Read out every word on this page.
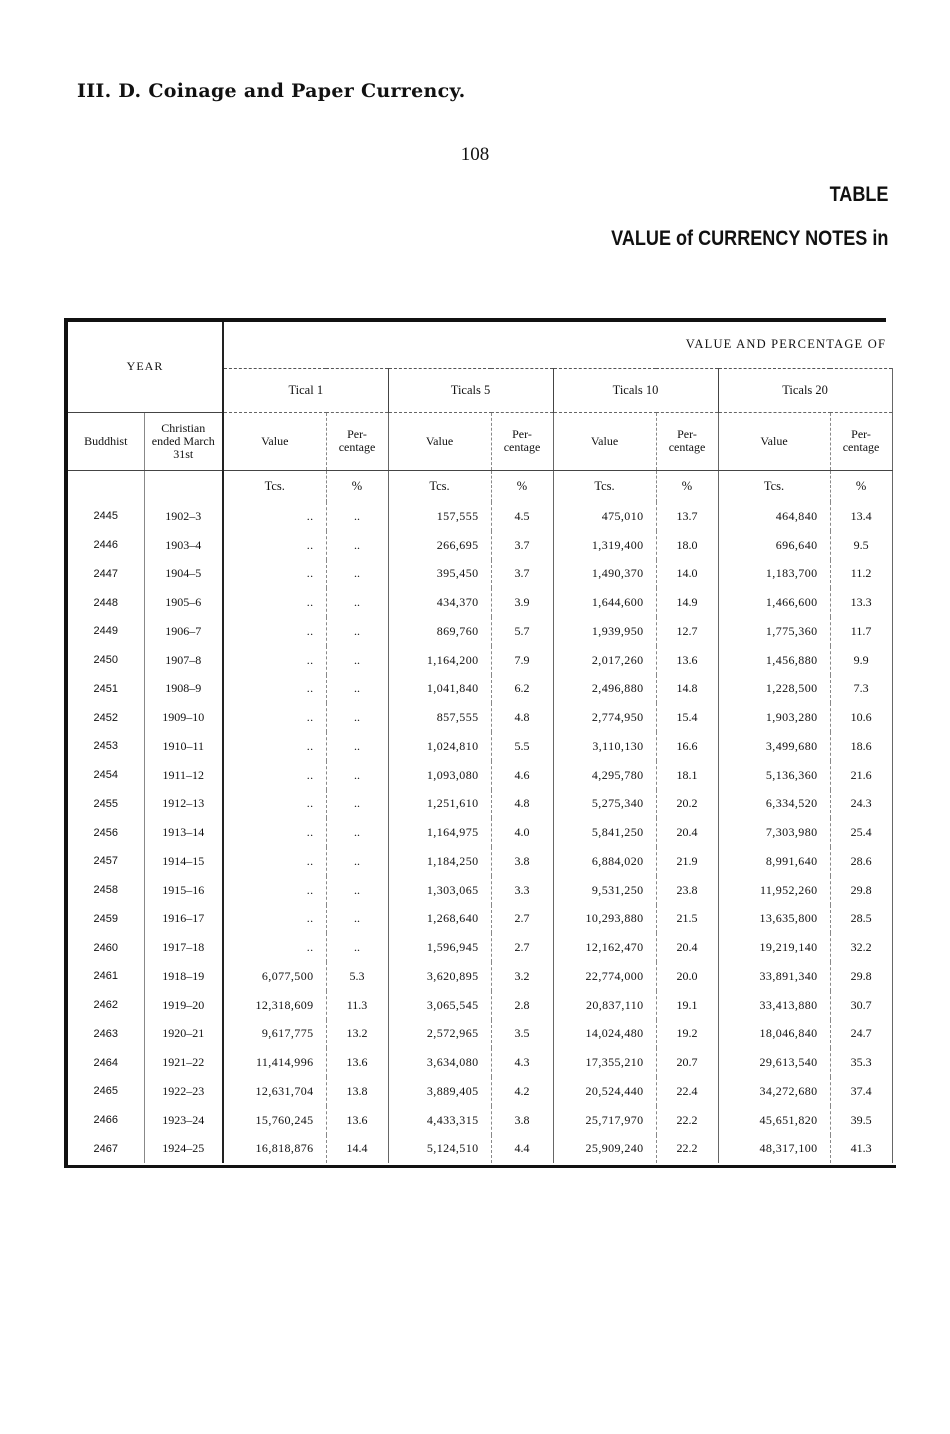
III. D. Coinage and Paper Currency.
108
TABLE
VALUE of CURRENCY NOTES in
YEAR		VALUE AND PERCENTAGE OF							
		Tical 1		Ticals 5		Ticals 10		Ticals 20	
Buddhist	Christian ended March 31st	Value	Per-centage	Value	Per-centage	Value	Per-centage	Value	Per-centage
		Tcs.	%	Tcs.	%	Tcs.	%	Tcs.	%
2445	1902–3	..	..	157,555	4.5	475,010	13.7	464,840	13.4
2446	1903–4	..	..	266,695	3.7	1,319,400	18.0	696,640	9.5
2447	1904–5	..	..	395,450	3.7	1,490,370	14.0	1,183,700	11.2
2448	1905–6	..	..	434,370	3.9	1,644,600	14.9	1,466,600	13.3
2449	1906–7	..	..	869,760	5.7	1,939,950	12.7	1,775,360	11.7
2450	1907–8	..	..	1,164,200	7.9	2,017,260	13.6	1,456,880	9.9
2451	1908–9	..	..	1,041,840	6.2	2,496,880	14.8	1,228,500	7.3
2452	1909–10	..	..	857,555	4.8	2,774,950	15.4	1,903,280	10.6
2453	1910–11	..	..	1,024,810	5.5	3,110,130	16.6	3,499,680	18.6
2454	1911–12	..	..	1,093,080	4.6	4,295,780	18.1	5,136,360	21.6
2455	1912–13	..	..	1,251,610	4.8	5,275,340	20.2	6,334,520	24.3
2456	1913–14	..	..	1,164,975	4.0	5,841,250	20.4	7,303,980	25.4
2457	1914–15	..	..	1,184,250	3.8	6,884,020	21.9	8,991,640	28.6
2458	1915–16	..	..	1,303,065	3.3	9,531,250	23.8	11,952,260	29.8
2459	1916–17	..	..	1,268,640	2.7	10,293,880	21.5	13,635,800	28.5
2460	1917–18	..	..	1,596,945	2.7	12,162,470	20.4	19,219,140	32.2
2461	1918–19	6,077,500	5.3	3,620,895	3.2	22,774,000	20.0	33,891,340	29.8
2462	1919–20	12,318,609	11.3	3,065,545	2.8	20,837,110	19.1	33,413,880	30.7
2463	1920–21	9,617,775	13.2	2,572,965	3.5	14,024,480	19.2	18,046,840	24.7
2464	1921–22	11,414,996	13.6	3,634,080	4.3	17,355,210	20.7	29,613,540	35.3
2465	1922–23	12,631,704	13.8	3,889,405	4.2	20,524,440	22.4	34,272,680	37.4
2466	1923–24	15,760,245	13.6	4,433,315	3.8	25,717,970	22.2	45,651,820	39.5
2467	1924–25	16,818,876	14.4	5,124,510	4.4	25,909,240	22.2	48,317,100	41.3
